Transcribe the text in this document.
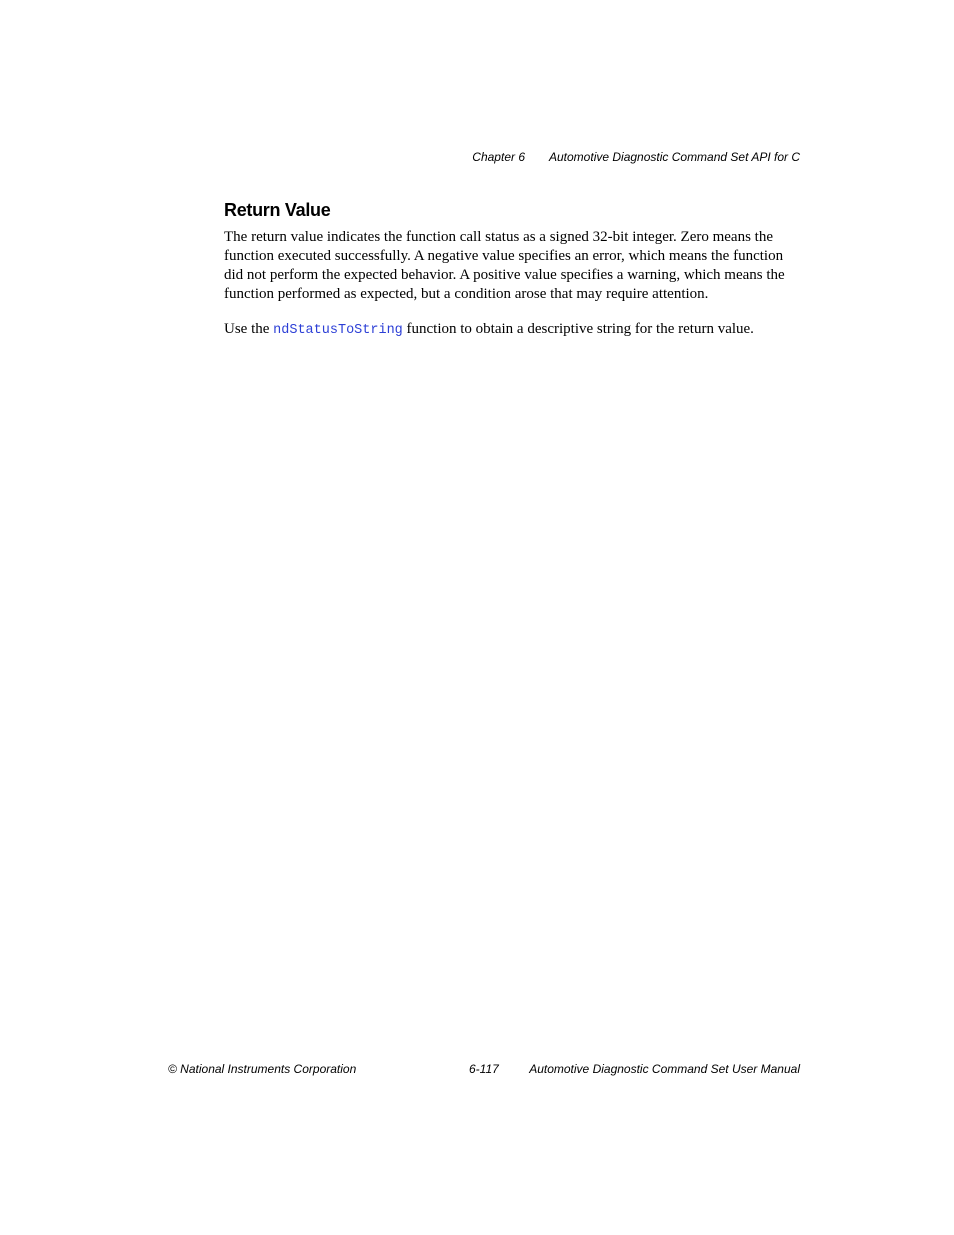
Chapter 6 Automotive Diagnostic Command Set API for C
Return Value

The return value indicates the function call status as a signed 32-bit integer. Zero means the function executed successfully. A negative value specifies an error, which means the function did not perform the expected behavior. A positive value specifies a warning, which means the function performed as expected, but a condition arose that may require attention.

Use the ndStatusToString function to obtain a descriptive string for the return value.

© National Instruments Corporation	6-117	Automotive Diagnostic Command Set User Manual
